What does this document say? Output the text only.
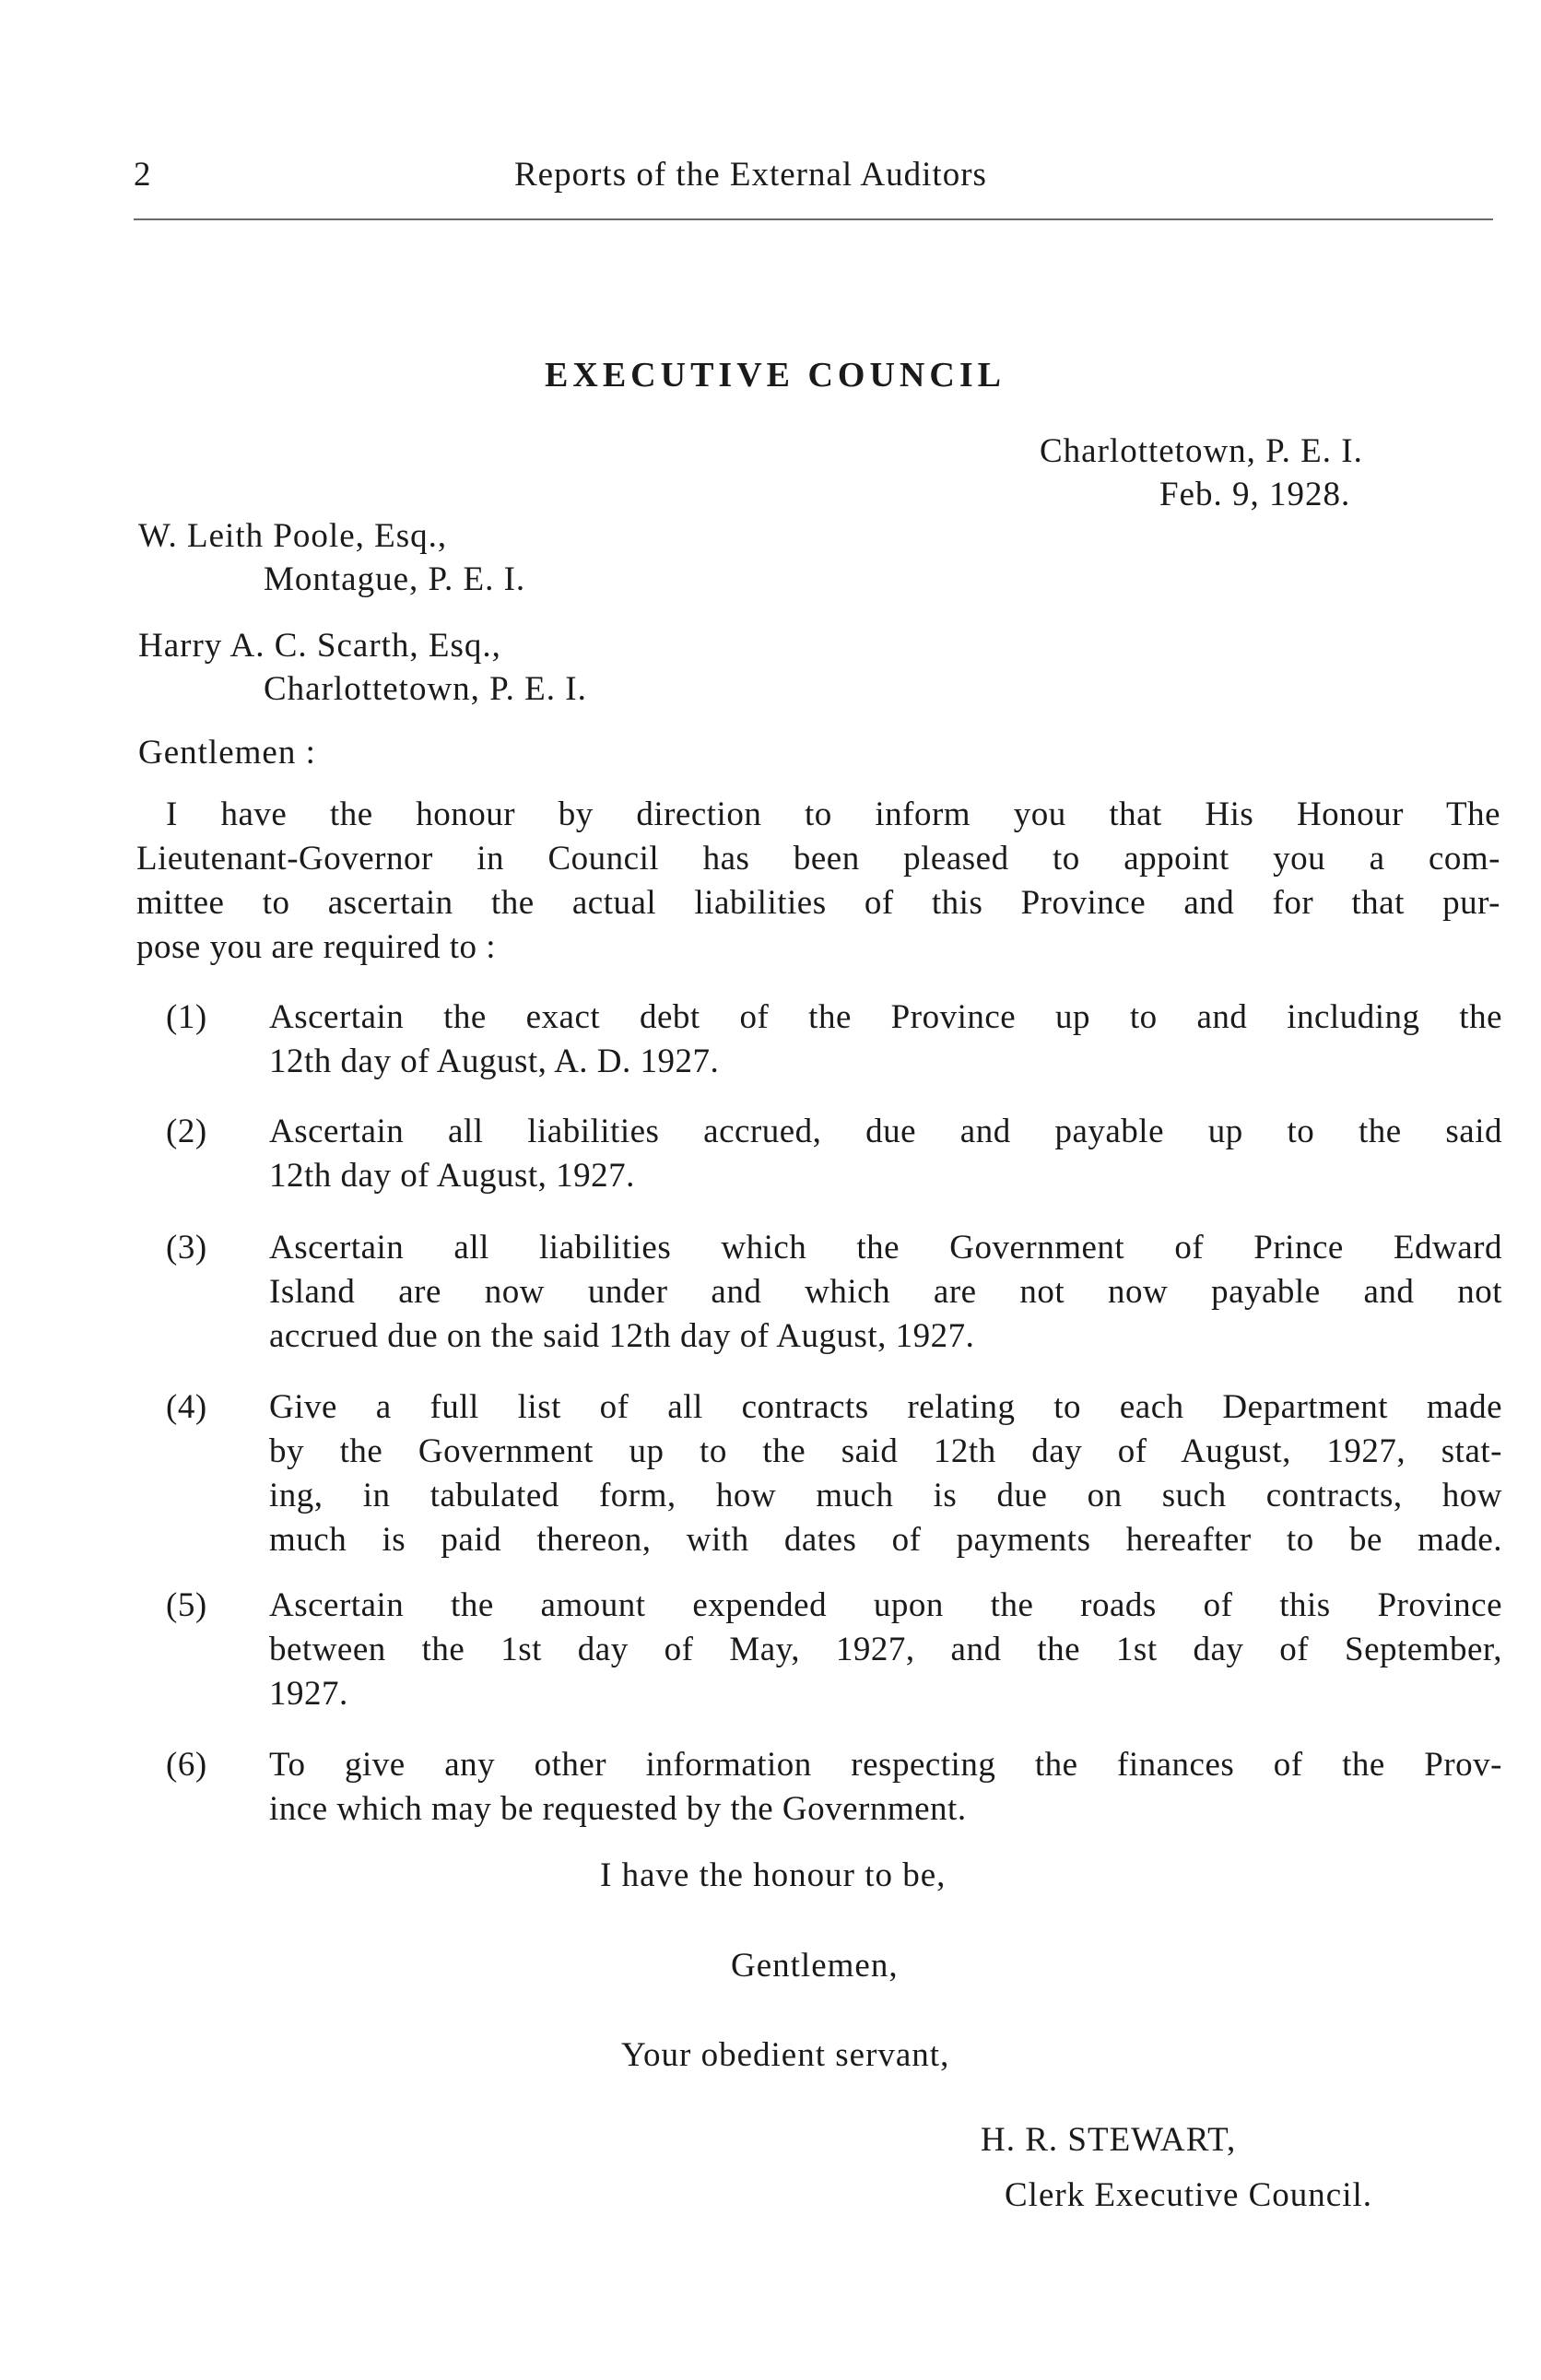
2	Reports of the External Auditors
EXECUTIVE COUNCIL
Charlottetown, P. E. I.
Feb. 9, 1928.
W. Leith Poole, Esq.,
Montague, P. E. I.
Harry A. C. Scarth, Esq.,
Charlottetown, P. E. I.
Gentlemen :
I have the honour by direction to inform you that His Honour The
Lieutenant-Governor in Council has been pleased to appoint you a com-
mittee to ascertain the actual liabilities of this Province and for that pur-
pose you are required to :
(1) Ascertain the exact debt of the Province up to and including the
12th day of August, A. D. 1927.
(2) Ascertain all liabilities accrued, due and payable up to the said
12th day of August, 1927.
(3) Ascertain all liabilities which the Government of Prince Edward
Island are now under and which are not now payable and not
accrued due on the said 12th day of August, 1927.
(4) Give a full list of all contracts relating to each Department made
by the Government up to the said 12th day of August, 1927, stat-
ing, in tabulated form, how much is due on such contracts, how
much is paid thereon, with dates of payments hereafter to be made.
(5) Ascertain the amount expended upon the roads of this Province
between the 1st day of May, 1927, and the 1st day of September,
1927.
(6) To give any other information respecting the finances of the Prov-
ince which may be requested by the Government.
I have the honour to be,
Gentlemen,
Your obedient servant,
H. R. STEWART,
Clerk Executive Council.
